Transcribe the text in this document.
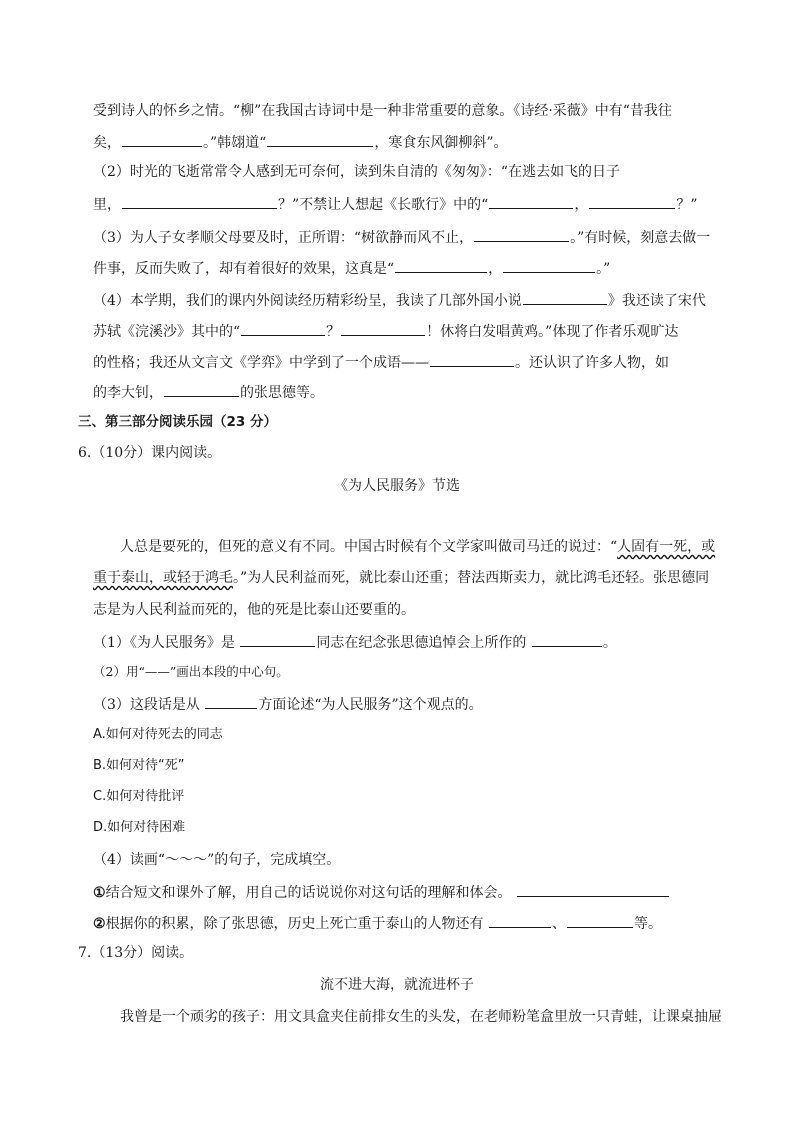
受到诗人的怀乡之情。“柳”在我国古诗词中是一种非常重要的意象。《诗经·采薇》中有“昔我往
矣，	。”韩翃道“	，寒食东风御柳斜”。
（2）时光的飞逝常常令人感到无可奈何，读到朱自清的《匆匆》：“在逃去如飞的日子
里，	？”不禁让人想起《长歌行》中的“	，	？”
（3）为人子女孝顺父母要及时，正所谓：“树欲静而风不止，	。”有时候，刻意去做一
件事，反而失败了，却有着很好的效果，这真是“	，	。”
（4）本学期，我们的课内外阅读经历精彩纷呈，我读了几部外国小说	》我还读了宋代
苏轼《浣溪沙》其中的“	？	！休将白发唱黄鸡。”体现了作者乐观旷达
的性格；我还从文言文《学弈》中学到了一个成语——	。还认识了许多人物，如
的李大钊，	的张思德等。
三、第三部分阅读乐园（23 分）
6.（10分）课内阅读。
《为人民服务》节选
人总是要死的，但死的意义有不同。中国古时候有个文学家叫做司马迁的说过：“人固有一死，或
重于泰山，或轻于鸿毛。”为人民利益而死，就比泰山还重；替法西斯卖力，就比鸿毛还轻。张思德同
志是为人民利益而死的，他的死是比泰山还要重的。
（1）《为人民服务》是	同志在纪念张思德追悼会上所作的	。
（2）用“——”画出本段的中心句。
（3）这段话是从	方面论述“为人民服务”这个观点的。
A.如何对待死去的同志
B.如何对待“死”
C.如何对待批评
D.如何对待困难
（4）读画“～～～”的句子，完成填空。
①结合短文和课外了解，用自己的话说说你对这句话的理解和体会。
②根据你的积累，除了张思德，历史上死亡重于泰山的人物还有	、	等。
7.（13分）阅读。
流不进大海，就流进杯子
我曾是一个顽劣的孩子：用文具盒夹住前排女生的头发，在老师粉笔盒里放一只青蛙，让课桌抽屉
